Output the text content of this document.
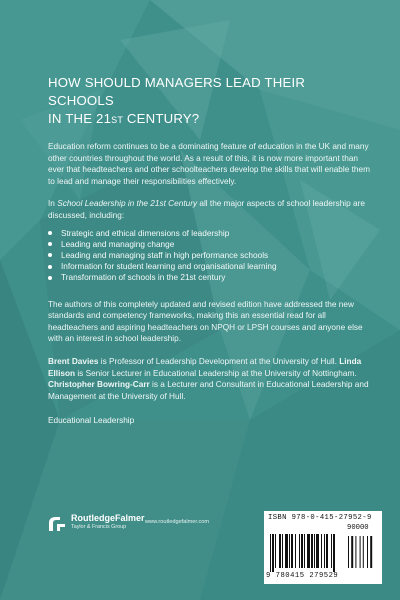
HOW SHOULD MANAGERS LEAD THEIR SCHOOLS
IN THE 21ST CENTURY?

Education reform continues to be a dominating feature of education in the UK and many other countries throughout the world. As a result of this, it is now more important than ever that headteachers and other schoolteachers develop the skills that will enable them to lead and manage their responsibilities effectively.

In School Leadership in the 21st Century all the major aspects of school leadership are discussed, including:

Strategic and ethical dimensions of leadership
Leading and managing change
Leading and managing staff in high performance schools
Information for student learning and organisational learning
Transformation of schools in the 21st century

The authors of this completely updated and revised edition have addressed the new standards and competency frameworks, making this an essential read for all headteachers and aspiring headteachers on NPQH or LPSH courses and anyone else with an interest in school leadership.

Brent Davies is Professor of Leadership Development at the University of Hull. Linda Ellison is Senior Lecturer in Educational Leadership at the University of Nottingham. Christopher Bowring-Carr is a Lecturer and Consultant in Educational Leadership and Management at the University of Hull.

Educational Leadership
RoutledgeFalmer
Taylor & Francis Group
www.routledgefalmer.com	ISBN 978-0-415-27952-9
90000
9 780415 279529
